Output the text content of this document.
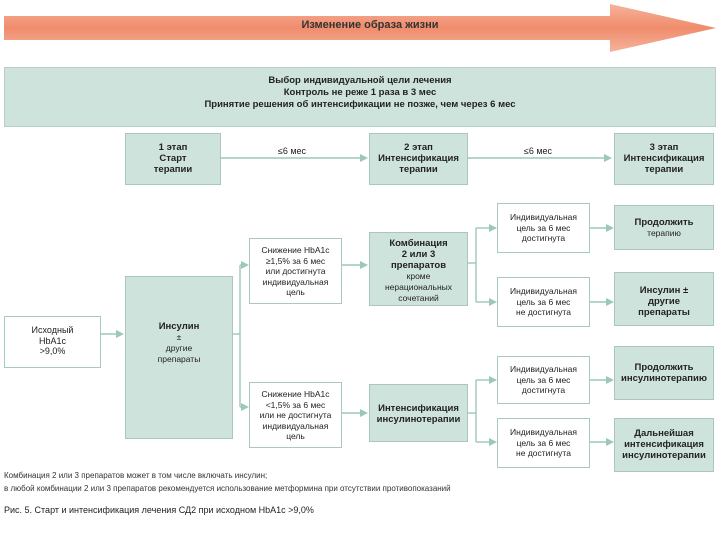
Изменение образа жизни
Выбор индивидуальной цели лечения
Контроль не реже 1 раза в 3 мес
Принятие решения об интенсификации не позже, чем через 6 мес
1 этап
Старт
терапии
≤6 мес	2 этап
Интенсификация
терапии
≤6 мес	3 этап
Интенсификация
терапии
Исходный
HbA1c
>9,0%
Инсулин
±
другие
препараты
Снижение HbA1c
≥1,5% за 6 мес
или достигнута
индивидуальная
цель
Снижение HbA1c
<1,5% за 6 мес
или не достигнута
индивидуальная
цель
Комбинация
2 или 3
препаратов
кроме
нерациональных
сочетаний
Интенсификация
инсулинотерапии
Индивидуальная
цель за 6 мес
достигнута
Индивидуальная
цель за 6 мес
не достигнута
Индивидуальная
цель за 6 мес
достигнута
Индивидуальная
цель за 6 мес
не достигнута
Продолжить
терапию
Инсулин ±
другие
препараты
Продолжить
инсулинотерапию
Дальнейшая
интенсификация
инсулинотерапии
Комбинация 2 или 3 препаратов может в том числе включать инсулин;
в любой комбинации 2 или 3 препаратов рекомендуется использование метформина при отсутствии противопоказаний
Рис. 5. Старт и интенсификация лечения СД2 при исходном HbA1c >9,0%
